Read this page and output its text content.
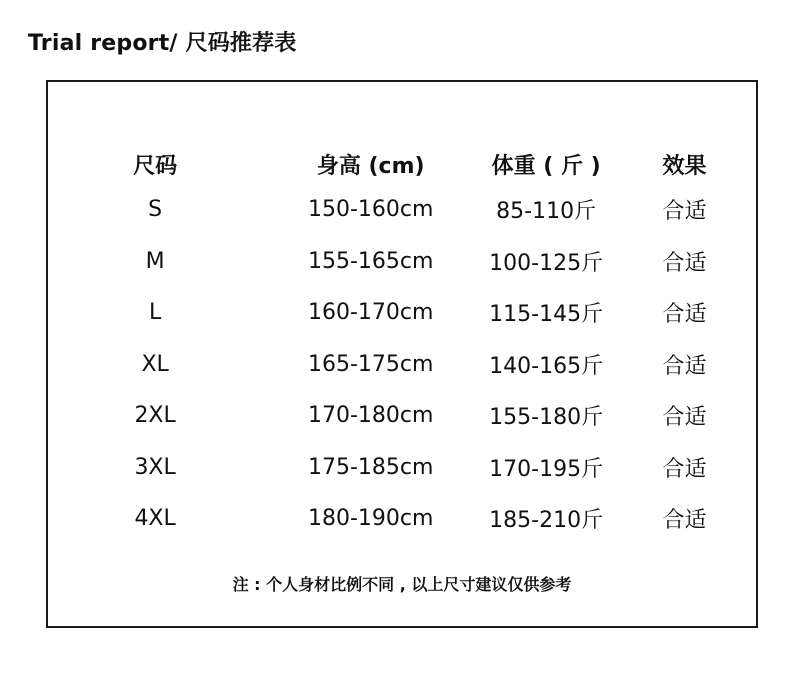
Trial report/ 尺码推荐表
尺码	身高 (cm)	体重 ( 斤 )	效果
S	150-160cm	85-110斤	合适
M	155-165cm	100-125斤	合适
L	160-170cm	115-145斤	合适
XL	165-175cm	140-165斤	合适
2XL	170-180cm	155-180斤	合适
3XL	175-185cm	170-195斤	合适
4XL	180-190cm	185-210斤	合适
注 : 个人身材比例不同 , 以上尺寸建议仅供参考
